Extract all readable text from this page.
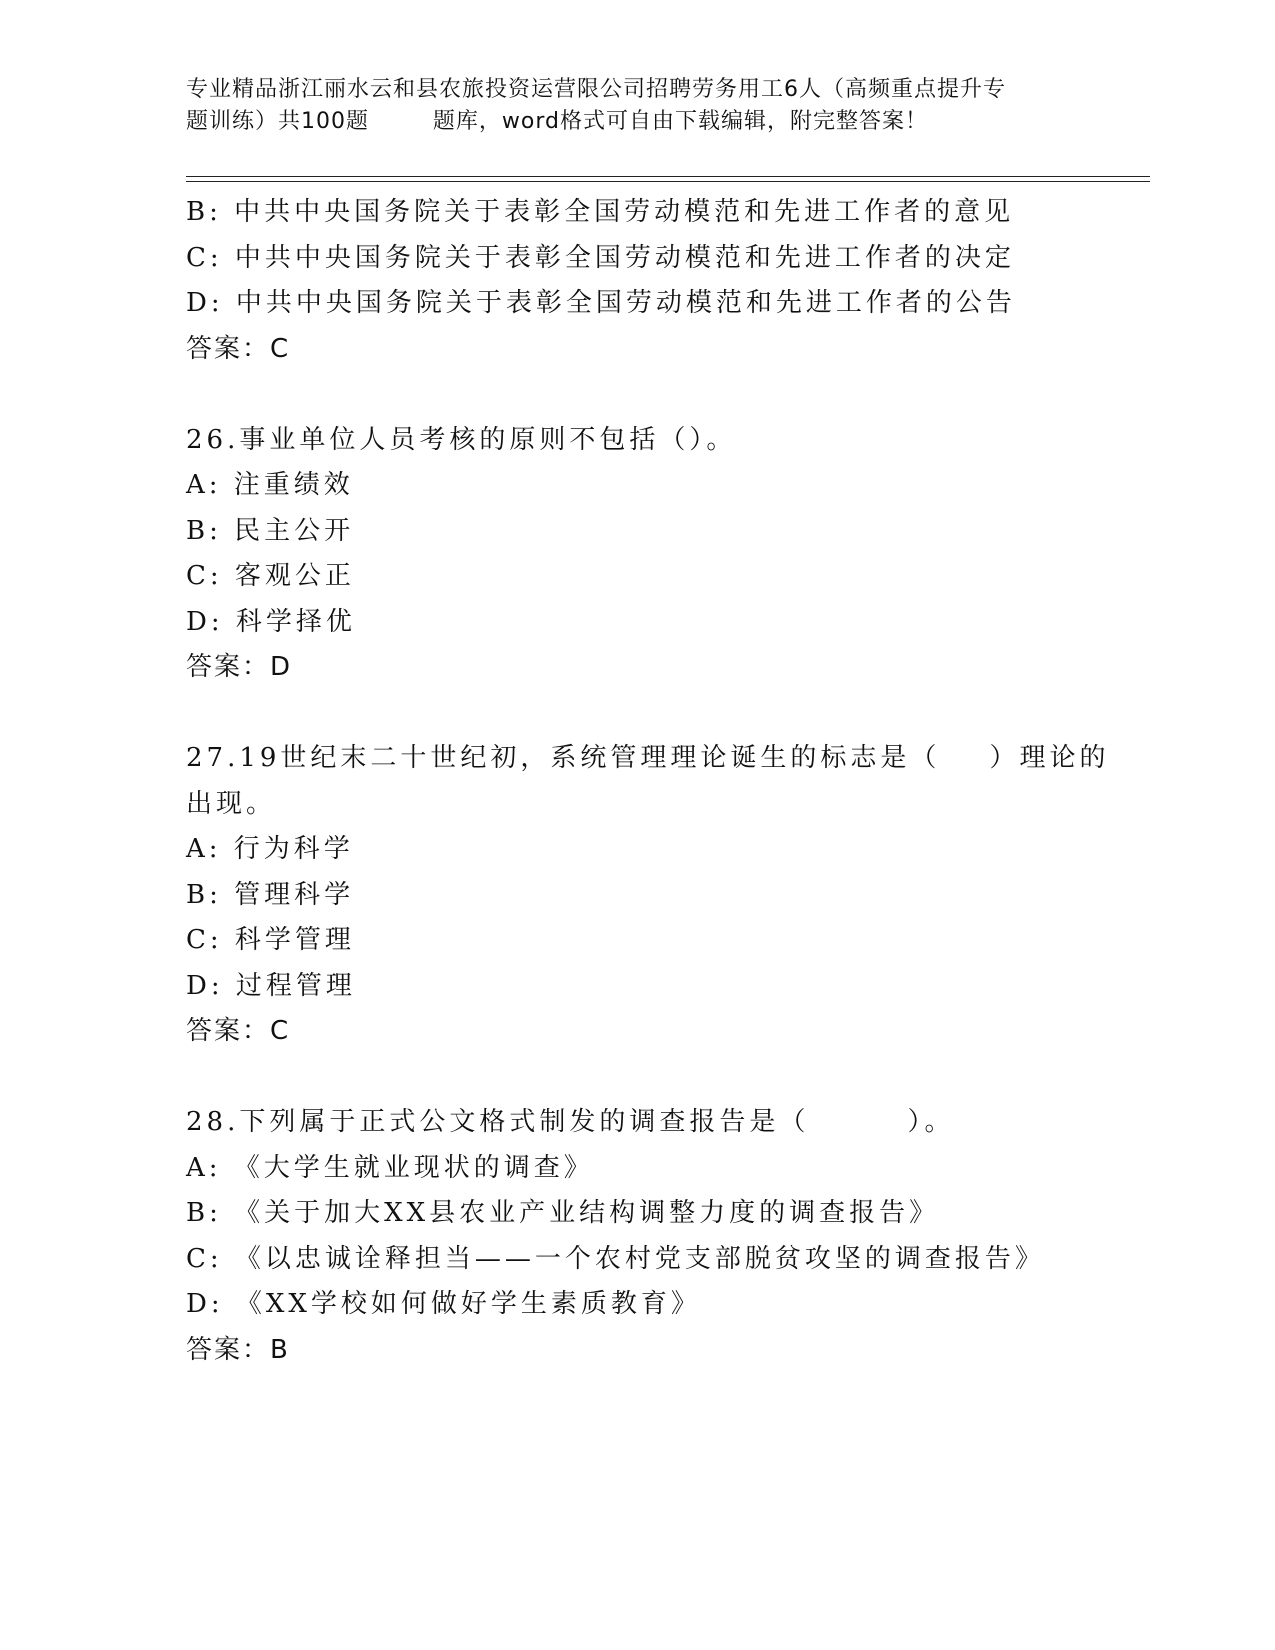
专业精品浙江丽水云和县农旅投资运营限公司招聘劳务用工6人（高频重点提升专
题训练）共100题        题库，word格式可自由下载编辑，附完整答案！
B: 中共中央国务院关于表彰全国劳动模范和先进工作者的意见
C: 中共中央国务院关于表彰全国劳动模范和先进工作者的决定
D: 中共中央国务院关于表彰全国劳动模范和先进工作者的公告
答案：C
26.事业单位人员考核的原则不包括（）。
A: 注重绩效
B: 民主公开
C: 客观公正
D: 科学择优
答案：D
27.19世纪末二十世纪初，系统管理理论诞生的标志是（    ）理论的
出现。
A: 行为科学
B: 管理科学
C: 科学管理
D: 过程管理
答案：C
28.下列属于正式公文格式制发的调查报告是（        ）。
A: 《大学生就业现状的调查》
B: 《关于加大XX县农业产业结构调整力度的调查报告》
C: 《以忠诚诠释担当——一个农村党支部脱贫攻坚的调查报告》
D: 《XX学校如何做好学生素质教育》
答案：B
